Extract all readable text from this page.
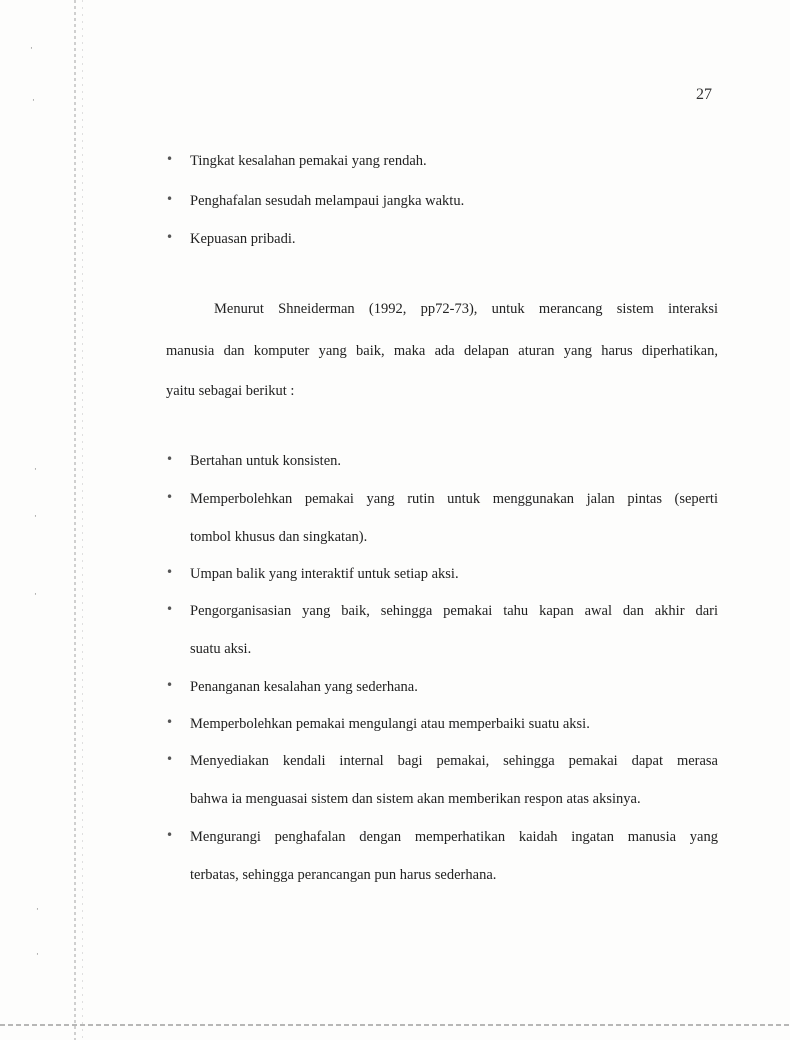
·
·
·
·
·
·
·
27
• Tingkat kesalahan pemakai yang rendah.
• Penghafalan sesudah melampaui jangka waktu.
• Kepuasan pribadi.
Menurut Shneiderman (1992, pp72-73), untuk merancang sistem interaksi
manusia dan komputer yang baik, maka ada delapan aturan yang harus diperhatikan,
yaitu sebagai berikut :
• Bertahan untuk konsisten.
• Memperbolehkan pemakai yang rutin untuk menggunakan jalan pintas (seperti
tombol khusus dan singkatan).
• Umpan balik yang interaktif untuk setiap aksi.
• Pengorganisasian yang baik, sehingga pemakai tahu kapan awal dan akhir dari
suatu aksi.
• Penanganan kesalahan yang sederhana.
• Memperbolehkan pemakai mengulangi atau memperbaiki suatu aksi.
• Menyediakan kendali internal bagi pemakai, sehingga pemakai dapat merasa
bahwa ia menguasai sistem dan sistem akan memberikan respon atas aksinya.
• Mengurangi penghafalan dengan memperhatikan kaidah ingatan manusia yang
terbatas, sehingga perancangan pun harus sederhana.
